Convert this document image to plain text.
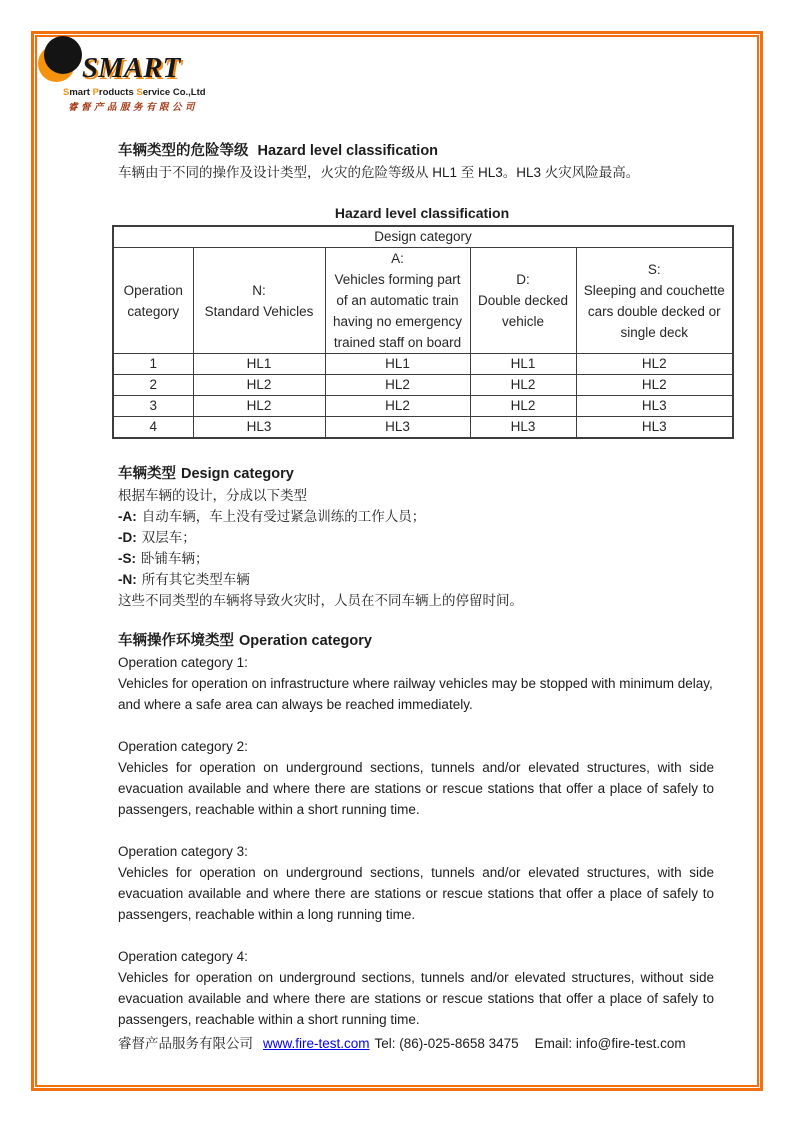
SMART
Smart Products Service Co.,Ltd
睿督产品服务有限公司
车辆类型的危险等级 Hazard level classification

车辆由于不同的操作及设计类型，火灾的危险等级从 HL1 至 HL3。HL3 火灾风险最高。

Hazard level classification
Design category				
Operation category	
N:
Standard Vehicles

A:
Vehicles forming part of an automatic train having no emergency trained staff on board

D:
Double decked vehicle

S:
Sleeping and couchette cars double decked or single deck

1	HL1	HL1	HL1	HL2
2	HL2	HL2	HL2	HL2
3	HL2	HL2	HL2	HL3
4	HL3	HL3	HL3	HL3
车辆类型 Design category

根据车辆的设计，分成以下类型

-A: 自动车辆，车上没有受过紧急训练的工作人员；

-D: 双层车；

-S: 卧铺车辆；

-N: 所有其它类型车辆

这些不同类型的车辆将导致火灾时，人员在不同车辆上的停留时间。

车辆操作环境类型 Operation category

Operation category 1:

Vehicles for operation on infrastructure where railway vehicles may be stopped with minimum delay, and where a safe area can always be reached immediately.

Operation category 2:

Vehicles for operation on underground sections, tunnels and/or elevated structures, with side evacuation available and where there are stations or rescue stations that offer a place of safely to passengers, reachable within a short running time.

Operation category 3:

Vehicles for operation on underground sections, tunnels and/or elevated structures, with side evacuation available and where there are stations or rescue stations that offer a place of safely to passengers, reachable within a long running time.

Operation category 4:

Vehicles for operation on underground sections, tunnels and/or elevated structures, without side evacuation available and where there are stations or rescue stations that offer a place of safely to passengers, reachable within a short running time.

睿督产品服务有限公司 www.fire-test.com Tel: (86)-025-8658 3475 Email: info@fire-test.com
